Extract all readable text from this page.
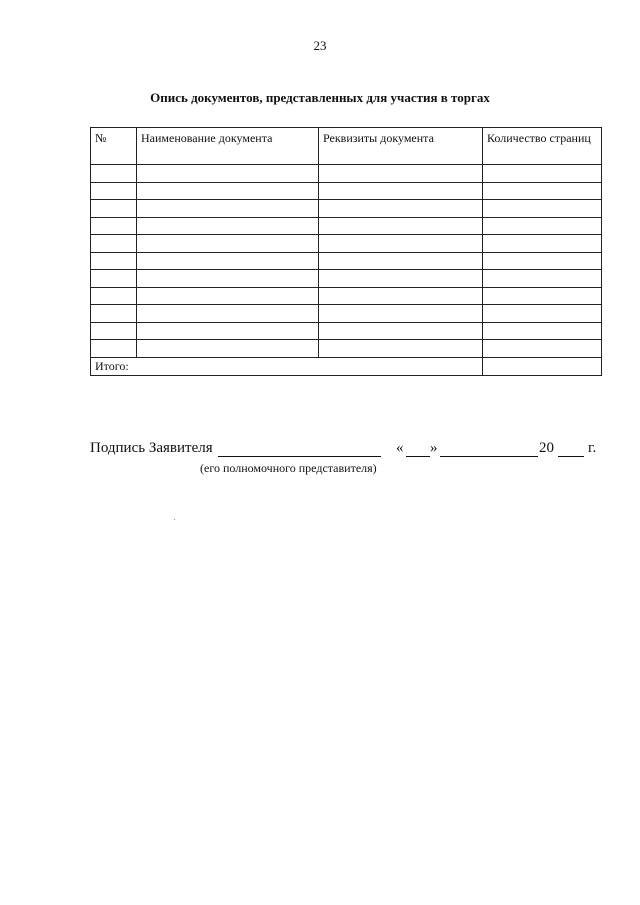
23
Опись документов, представленных для участия в торгах
№	Наименование документа	Реквизиты документа	Количество страниц

Итого:			
Подпись Заявителя	« »	20 г.
(его полномочного представителя)
